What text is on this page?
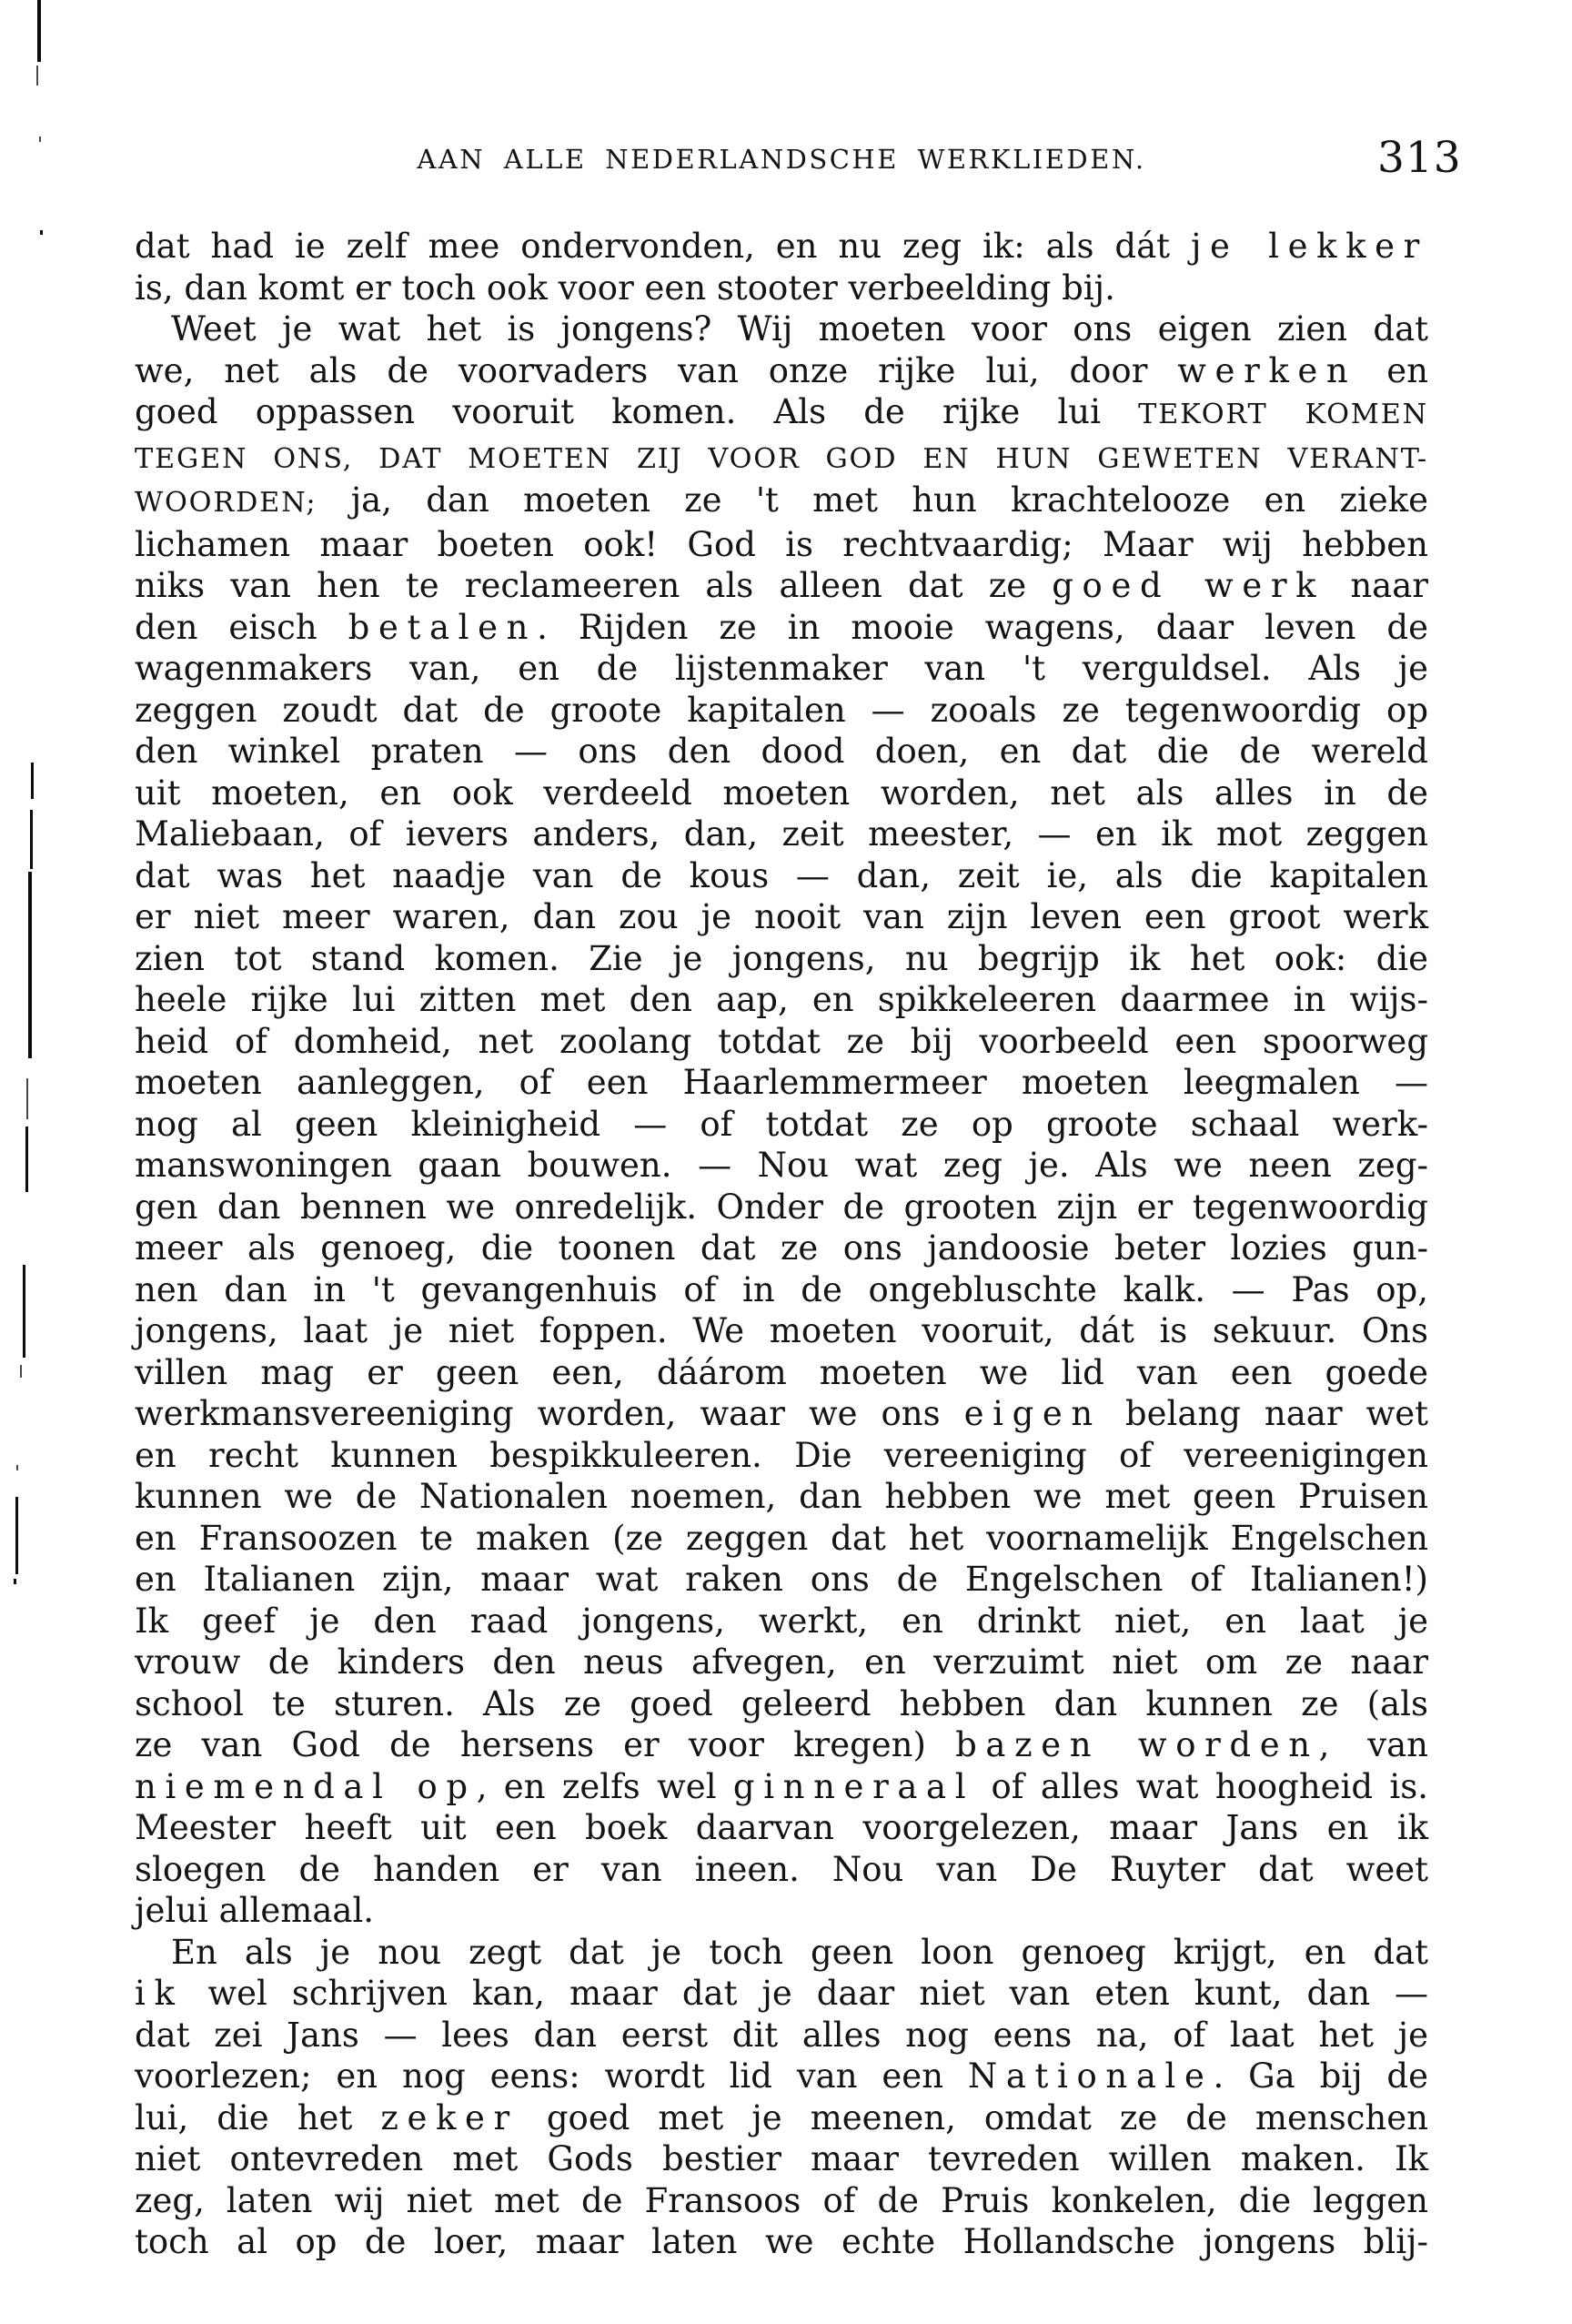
AAN ALLE NEDERLANDSCHE WERKLIEDEN.	313
dat had ie zelf mee ondervonden, en nu zeg ik: als dát je lekker
is, dan komt er toch ook voor een stooter verbeelding bij.
Weet je wat het is jongens? Wij moeten voor ons eigen zien dat
we, net als de voorvaders van onze rijke lui, door werken en
goed oppassen vooruit komen. Als de rijke lui TEKORT KOMEN
TEGEN ONS, DAT MOETEN ZIJ VOOR GOD EN HUN GEWETEN VERANT-
WOORDEN; ja, dan moeten ze 't met hun krachtelooze en zieke
lichamen maar boeten ook! God is rechtvaardig; Maar wij hebben
niks van hen te reclameeren als alleen dat ze goed werk naar
den eisch betalen. Rijden ze in mooie wagens, daar leven de
wagenmakers van, en de lijstenmaker van 't verguldsel. Als je
zeggen zoudt dat de groote kapitalen — zooals ze tegenwoordig op
den winkel praten — ons den dood doen, en dat die de wereld
uit moeten, en ook verdeeld moeten worden, net als alles in de
Maliebaan, of ievers anders, dan, zeit meester, — en ik mot zeggen
dat was het naadje van de kous — dan, zeit ie, als die kapitalen
er niet meer waren, dan zou je nooit van zijn leven een groot werk
zien tot stand komen. Zie je jongens, nu begrijp ik het ook: die
heele rijke lui zitten met den aap, en spikkeleeren daarmee in wijs-
heid of domheid, net zoolang totdat ze bij voorbeeld een spoorweg
moeten aanleggen, of een Haarlemmermeer moeten leegmalen —
nog al geen kleinigheid — of totdat ze op groote schaal werk-
manswoningen gaan bouwen. — Nou wat zeg je. Als we neen zeg-
gen dan bennen we onredelijk. Onder de grooten zijn er tegenwoordig
meer als genoeg, die toonen dat ze ons jandoosie beter lozies gun-
nen dan in 't gevangenhuis of in de ongebluschte kalk. — Pas op,
jongens, laat je niet foppen. We moeten vooruit, dát is sekuur. Ons
villen mag er geen een, dáárom moeten we lid van een goede
werkmansvereeniging worden, waar we ons eigen belang naar wet
en recht kunnen bespikkuleeren. Die vereeniging of vereenigingen
kunnen we de Nationalen noemen, dan hebben we met geen Pruisen
en Fransoozen te maken (ze zeggen dat het voornamelijk Engelschen
en Italianen zijn, maar wat raken ons de Engelschen of Italianen!)
Ik geef je den raad jongens, werkt, en drinkt niet, en laat je
vrouw de kinders den neus afvegen, en verzuimt niet om ze naar
school te sturen. Als ze goed geleerd hebben dan kunnen ze (als
ze van God de hersens er voor kregen) bazen worden, van
niemendal op, en zelfs wel ginneraal of alles wat hoogheid is.
Meester heeft uit een boek daarvan voorgelezen, maar Jans en ik
sloegen de handen er van ineen. Nou van De Ruyter dat weet
jelui allemaal.
En als je nou zegt dat je toch geen loon genoeg krijgt, en dat
ik wel schrijven kan, maar dat je daar niet van eten kunt, dan —
dat zei Jans — lees dan eerst dit alles nog eens na, of laat het je
voorlezen; en nog eens: wordt lid van een Nationale. Ga bij de
lui, die het zeker goed met je meenen, omdat ze de menschen
niet ontevreden met Gods bestier maar tevreden willen maken. Ik
zeg, laten wij niet met de Fransoos of de Pruis konkelen, die leggen
toch al op de loer, maar laten we echte Hollandsche jongens blij-
